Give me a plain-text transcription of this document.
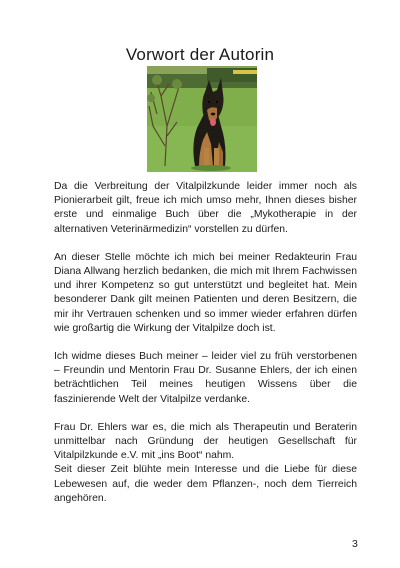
Vorwort der Autorin

Da die Verbreitung der Vitalpilzkunde leider immer noch als Pionierarbeit gilt, freue ich mich umso mehr, Ihnen dieses bisher erste und einmalige Buch über die „Mykotherapie in der alternativen Veterinärmedizin“ vorstellen zu dürfen.

An dieser Stelle möchte ich mich bei meiner Redakteurin Frau Diana Allwang herzlich bedanken, die mich mit Ihrem Fachwissen und ihrer Kompetenz so gut unterstützt und begleitet hat. Mein besonderer Dank gilt meinen Patienten und deren Besitzern, die mir ihr Vertrauen schenken und so immer wieder erfahren dürfen wie großartig die Wirkung der Vitalpilze doch ist.

Ich widme dieses Buch meiner – leider viel zu früh verstorbenen – Freundin und Mentorin Frau Dr. Susanne Ehlers, der ich einen beträchtlichen Teil meines heutigen Wissens über die faszinierende Welt der Vitalpilze verdanke.

Frau Dr. Ehlers war es, die mich als Therapeutin und Beraterin unmittelbar nach Gründung der heutigen Gesellschaft für Vitalpilzkunde e.V. mit „ins Boot“ nahm.

Seit dieser Zeit blühte mein Interesse und die Liebe für diese Lebewesen auf, die weder dem Pflanzen-, noch dem Tierreich angehören.

3
